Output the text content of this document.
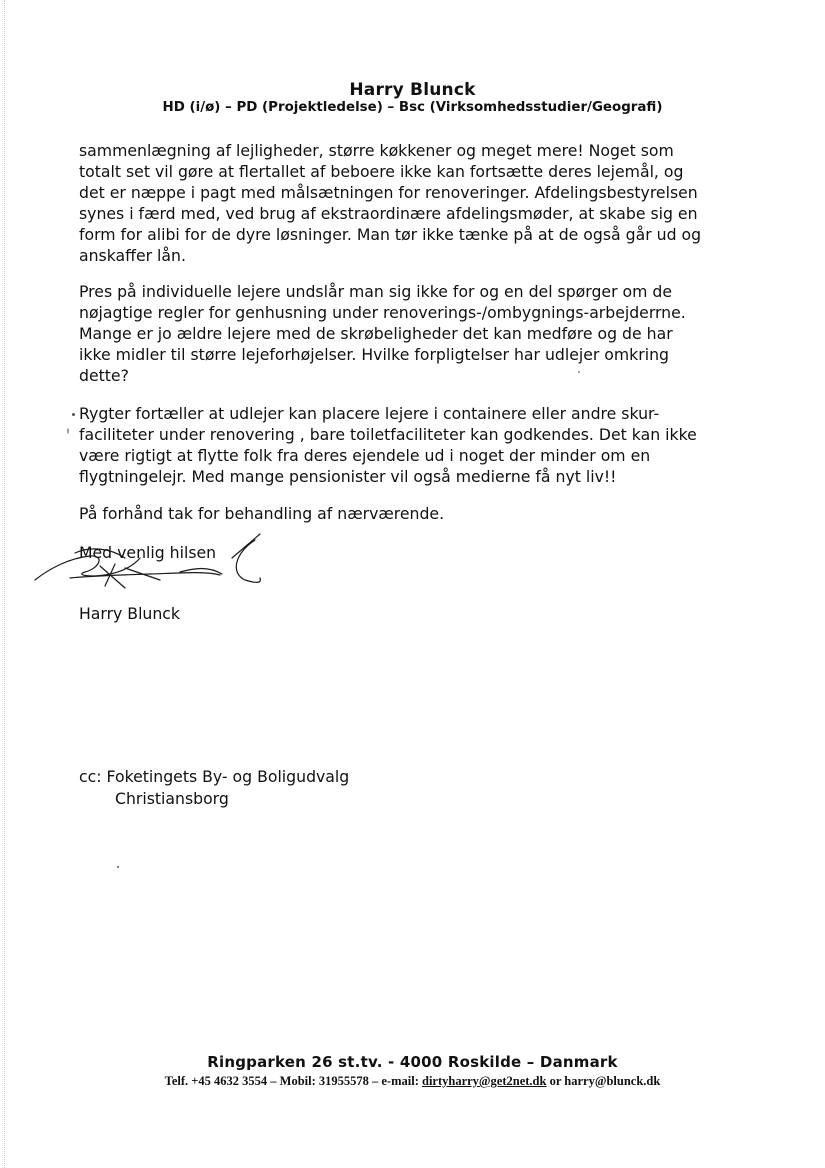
Harry Blunck
HD (i/ø) – PD (Projektledelse) – Bsc (Virksomhedsstudier/Geografi)

sammenlægning af lejligheder, større køkkener og meget mere! Noget som
totalt set vil gøre at flertallet af beboere ikke kan fortsætte deres lejemål, og
det er næppe i pagt med målsætningen for renoveringer. Afdelingsbestyrelsen
synes i færd med, ved brug af ekstraordinære afdelingsmøder, at skabe sig en
form for alibi for de dyre løsninger. Man tør ikke tænke på at de også går ud og
anskaffer lån.

Pres på individuelle lejere undslår man sig ikke for og en del spørger om de
nøjagtige regler for genhusning under renoverings-/ombygnings-arbejderrne.
Mange er jo ældre lejere med de skrøbeligheder det kan medføre og de har
ikke midler til større lejeforhøjelser. Hvilke forpligtelser har udlejer omkring
dette?

Rygter fortæller at udlejer kan placere lejere i containere eller andre skur-
faciliteter under renovering , bare toiletfaciliteter kan godkendes. Det kan ikke
være rigtigt at flytte folk fra deres ejendele ud i noget der minder om en
flygtningelejr. Med mange pensionister vil også medierne få nyt liv!!

På forhånd tak for behandling af nærværende.

Med venlig hilsen
Harry Blunck
cc: Foketingets By- og Boligudvalg
Christiansborg
Ringparken 26 st.tv. - 4000 Roskilde – Danmark
Telf. +45 4632 3554 – Mobil: 31955578 – e-mail: dirtyharry@get2net.dk or harry@blunck.dk
